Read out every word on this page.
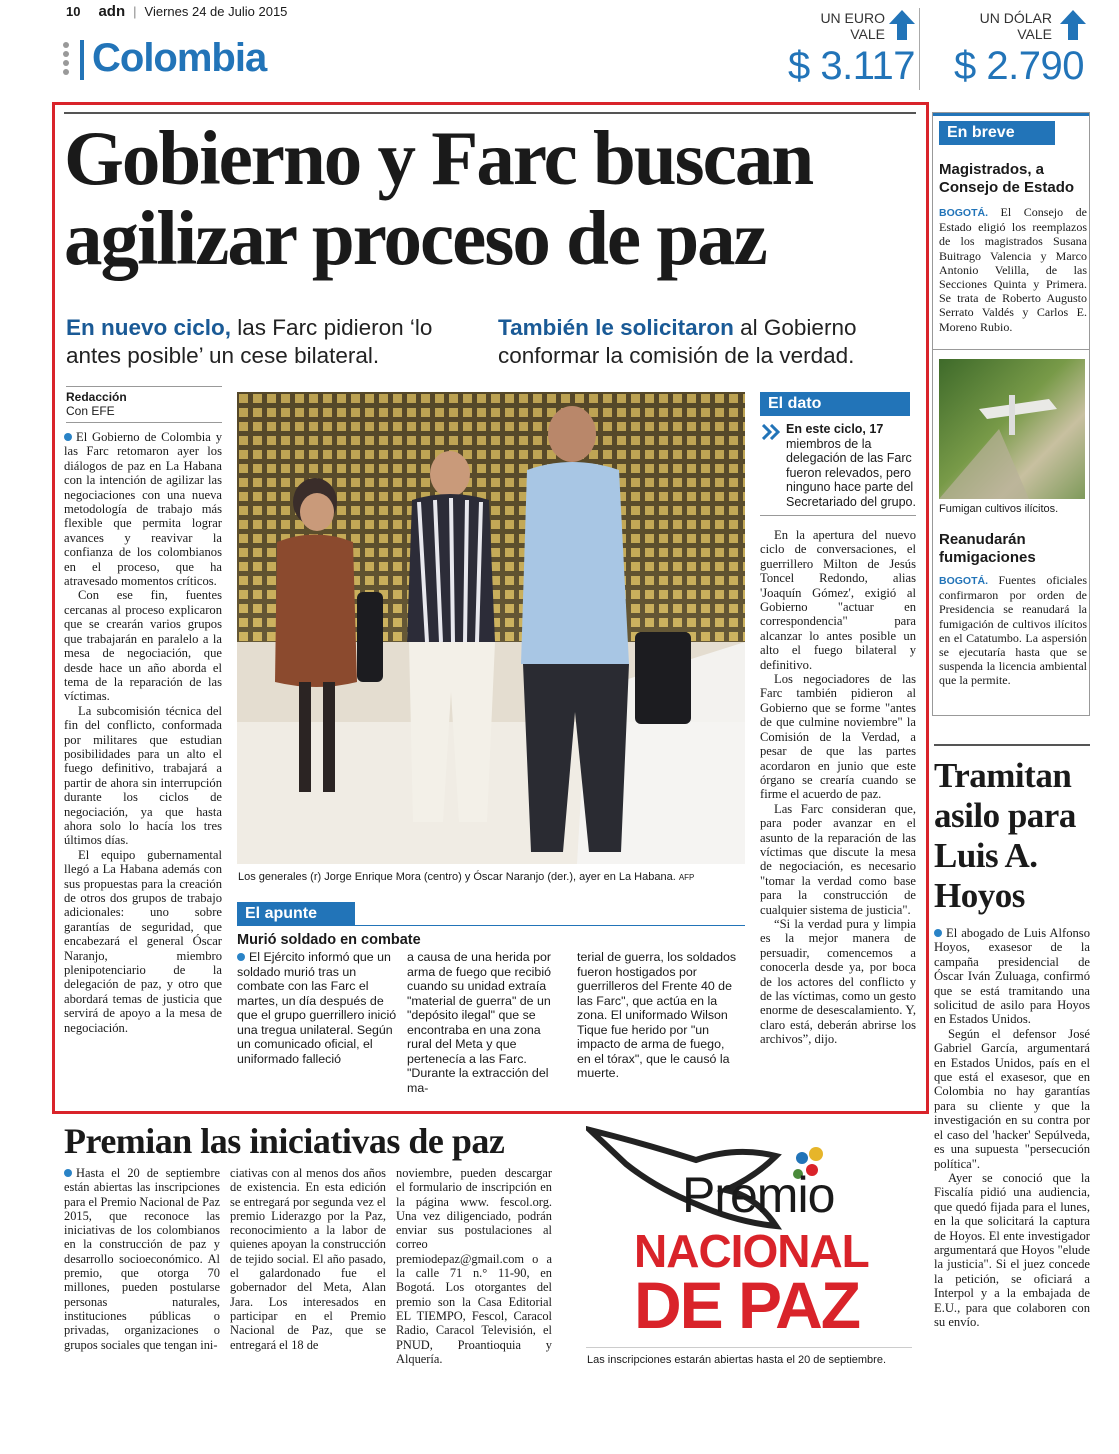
10 adn | Viernes 24 de Julio 2015
Colombia
UN EURO
VALE
$ 3.117
UN DÓLAR
VALE
$ 2.790
Gobierno y Farc buscan
agilizar proceso de paz
En nuevo ciclo, las Farc pidieron ‘lo antes posible’ un cese bilateral.
También le solicitaron al Gobierno conformar la comisión de la verdad.
Redacción
Con EFE

El Gobierno de Colombia y las Farc retomaron ayer los diálogos de paz en La Habana con la intención de agilizar las negociaciones con una nueva metodología de trabajo más flexible que permita lograr avances y reavivar la confianza de los colombianos en el proceso, que ha atravesado momentos críticos.

Con ese fin, fuentes cercanas al proceso explicaron que se crearán varios grupos que trabajarán en paralelo a la mesa de negociación, que desde hace un año aborda el tema de la reparación de las víctimas.

La subcomisión técnica del fin del conflicto, conformada por militares que estudian posibilidades para un alto el fuego definitivo, trabajará a partir de ahora sin interrupción durante los ciclos de negociación, ya que hasta ahora solo lo hacía los tres últimos días.

El equipo gubernamental llegó a La Habana además con sus propuestas para la creación de otros dos grupos de trabajo adicionales: uno sobre garantías de seguridad, que encabezará el general Óscar Naranjo, miembro plenipotenciario de la delegación de paz, y otro que abordará temas de justicia que servirá de apoyo a la mesa de negociación.

Los generales (r) Jorge Enrique Mora (centro) y Óscar Naranjo (der.), ayer en La Habana. AFP
El dato
En este ciclo, 17
miembros de la delegación de las Farc fueron relevados, pero ninguno hace parte del Secretariado del grupo.

En la apertura del nuevo ciclo de conversaciones, el guerrillero Milton de Jesús Toncel Redondo, alias 'Joaquín Gómez', exigió al Gobierno "actuar en correspondencia" para alcanzar lo antes posible un alto el fuego bilateral y definitivo.

Los negociadores de las Farc también pidieron al Gobierno que se forme "antes de que culmine noviembre" la Comisión de la Verdad, a pesar de que las partes acordaron en junio que este órgano se crearía cuando se firme el acuerdo de paz.

Las Farc consideran que, para poder avanzar en el asunto de la reparación de las víctimas que discute la mesa de negociación, es necesario "tomar la verdad como base para la construcción de cualquier sistema de justicia".

“Si la verdad pura y limpia es la mejor manera de persuadir, comencemos a conocerla desde ya, por boca de los actores del conflicto y de las víctimas, como un gesto enorme de desescalamiento. Y, claro está, deberán abrirse los archivos”, dijo.

El apunte
Murió soldado en combate
El Ejército informó que un soldado murió tras un combate con las Farc el martes, un día después de que el grupo guerrillero inició una tregua unilateral. Según un comunicado oficial, el uniformado falleció
a causa de una herida por arma de fuego que recibió cuando su unidad extraía "material de guerra" de un "depósito ilegal" que se encontraba en una zona rural del Meta y que pertenecía a las Farc. "Durante la extracción del ma-
terial de guerra, los soldados fueron hostigados por guerrilleros del Frente 40 de las Farc", que actúa en la zona. El uniformado Wilson Tique fue herido por "un impacto de arma de fuego, en el tórax", que le causó la muerte.
En breve
Magistrados, a Consejo de Estado
BOGOTÁ. El Consejo de Estado eligió los reemplazos de los magistrados Susana Buitrago Valencia y Marco Antonio Velilla, de las Secciones Quinta y Primera. Se trata de Roberto Augusto Serrato Valdés y Carlos E. Moreno Rubio.
Fumigan cultivos ilícitos.
Reanudarán fumigaciones
BOGOTÁ. Fuentes oficiales confirmaron por orden de Presidencia se reanudará la fumigación de cultivos ilícitos en el Catatumbo. La aspersión se ejecutaría hasta que se suspenda la licencia ambiental que la permite.
Tramitan asilo para Luis A. Hoyos

El abogado de Luis Alfonso Hoyos, exasesor de la campaña presidencial de Óscar Iván Zuluaga, confirmó que se está tramitando una solicitud de asilo para Hoyos en Estados Unidos.

Según el defensor José Gabriel García, argumentará en Estados Unidos, país en el que está el exasesor, que en Colombia no hay garantías para su cliente y que la investigación en su contra por el caso del 'hacker' Sepúlveda, es una supuesta "persecución política".

Ayer se conoció que la Fiscalía pidió una audiencia, que quedó fijada para el lunes, en la que solicitará la captura de Hoyos. El ente investigador argumentará que Hoyos "elude la justicia". Si el juez concede la petición, se oficiará a Interpol y a la embajada de E.U., para que colaboren con su envío.

Premian las iniciativas de paz
Hasta el 20 de septiembre están abiertas las inscripciones para el Premio Nacional de Paz 2015, que reconoce las iniciativas de los colombianos en la construcción de paz y desarrollo socioeconómico. Al premio, que otorga 70 millones, pueden postularse personas naturales, instituciones públicas o privadas, organizaciones o grupos sociales que tengan ini-
ciativas con al menos dos años de existencia. En esta edición se entregará por segunda vez el premio Liderazgo por la Paz, reconocimiento a la labor de quienes apoyan la construcción de tejido social. El año pasado, el galardonado fue el gobernador del Meta, Alan Jara. Los interesados en participar en el Premio Nacional de Paz, que se entregará el 18 de
noviembre, pueden descargar el formulario de inscripción en la página www. fescol.org. Una vez diligenciado, podrán enviar sus postulaciones al correo premiodepaz@gmail.com o a la calle 71 n.° 11-90, en Bogotá. Los otorgantes del premio son la Casa Editorial EL TIEMPO, Fescol, Caracol Radio, Caracol Televisión, el PNUD, Proantioquia y Alquería.
Premio
NACIONAL
DE PAZ
Las inscripciones estarán abiertas hasta el 20 de septiembre.
